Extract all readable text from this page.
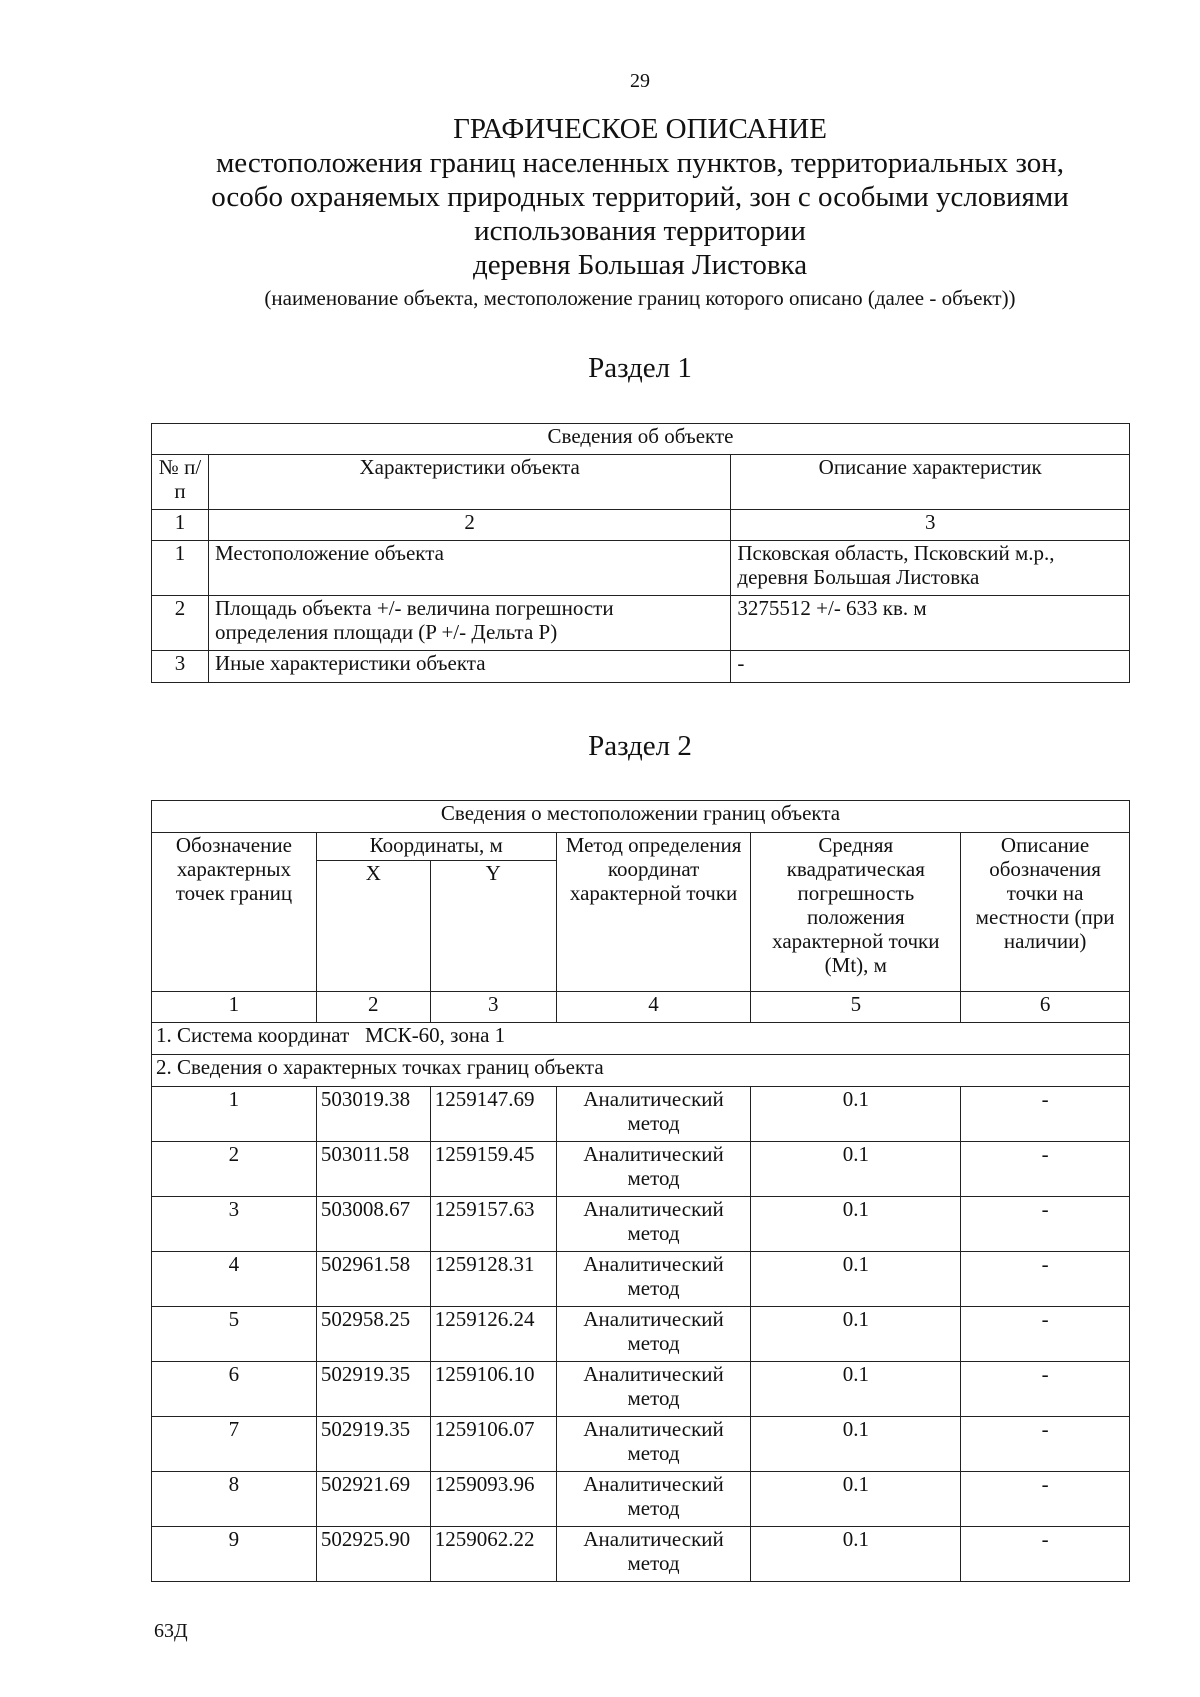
29
ГРАФИЧЕСКОЕ ОПИСАНИЕ
местоположения границ населенных пунктов, территориальных зон,
особо охраняемых природных территорий, зон с особыми условиями
использования территории
деревня Большая Листовка
(наименование объекта, местоположение границ которого описано (далее - объект))
Раздел 1
Сведения об объекте		
№ п/п	Характеристики объекта	Описание характеристик
1	2	3
1	Местоположение объекта	Псковская область, Псковский м.р., деревня Большая Листовка
2	Площадь объекта +/- величина погрешности определения площади (P +/- Дельта P)	3275512 +/- 633 кв. м
3	Иные характеристики объекта	-
Раздел 2
Сведения о местоположении границ объекта					
Обозначение характерных точек границ	Координаты, м		Метод определения координат характерной точки	Средняя квадратическая погрешность положения характерной точки (Mt), м	Описание обозначения точки на местности (при наличии)
	X	Y			
1	2	3	4	5	6
1. Система координат   МСК-60, зона 1					
2. Сведения о характерных точках границ объекта					
1	503019.38	1259147.69	Аналитический метод	0.1	-
2	503011.58	1259159.45	Аналитический метод	0.1	-
3	503008.67	1259157.63	Аналитический метод	0.1	-
4	502961.58	1259128.31	Аналитический метод	0.1	-
5	502958.25	1259126.24	Аналитический метод	0.1	-
6	502919.35	1259106.10	Аналитический метод	0.1	-
7	502919.35	1259106.07	Аналитический метод	0.1	-
8	502921.69	1259093.96	Аналитический метод	0.1	-
9	502925.90	1259062.22	Аналитический метод	0.1	-
63Д
